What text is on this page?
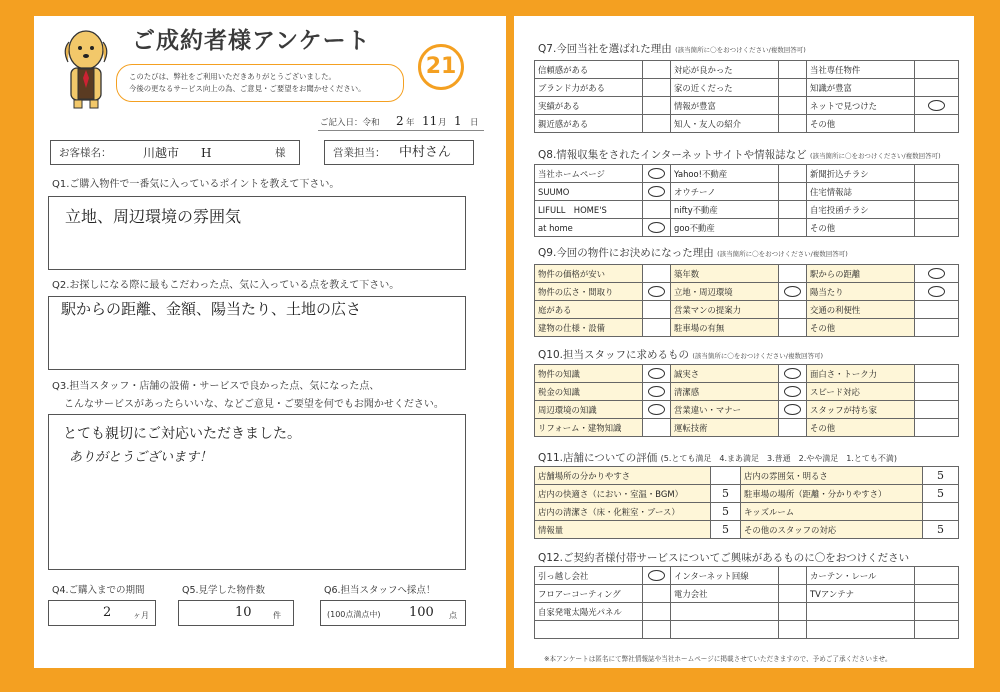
ご成約者様アンケート
このたびは、弊社をご利用いただきありがとうございました。
今後の更なるサービス向上の為、ご意見・ご要望をお聞かせください。
21
ご記入日：令和 2 年 11 月 1 日
お客様名：	川越市 H	様	営業担当： 中村さん
Q1.ご購入物件で一番気に入っているポイントを教えて下さい。
立地、周辺環境の雰囲気
Q2.お探しになる際に最もこだわった点、気に入っている点を教えて下さい。
駅からの距離、金額、陽当たり、土地の広さ
Q3.担当スタッフ・店舗の設備・サービスで良かった点、気になった点、
こんなサービスがあったらいいな、などご意見・ご要望を何でもお聞かせください。
とても親切にご対応いただきました。
ありがとうございます！
Q4.ご購入までの期間
2	ヶ月
Q5.見学した物件数
10	件
Q6.担当スタッフへ採点！
(100点満点中) 100 点
Q7.今回当社を選ばれた理由 (該当箇所に〇をおつけください/複数回答可)
信頼感がある		対応が良かった		当社専任物件	
ブランド力がある		家の近くだった		知識が豊富	
実績がある		情報が豊富		ネットで見つけた	
親近感がある		知人・友人の紹介		その他	
Q8.情報収集をされたインターネットサイトや情報誌など (該当箇所に〇をおつけください/複数回答可)
当社ホームページ		Yahoo!不動産		新聞折込チラシ	
SUUMO		オウチーノ		住宅情報誌	
LIFULL　HOME'S		nifty不動産		自宅投函チラシ	
at home		goo不動産		その他	
Q9.今回の物件にお決めになった理由 (該当箇所に〇をおつけください/複数回答可)
物件の価格が安い		築年数		駅からの距離	
物件の広さ・間取り		立地・周辺環境		陽当たり	
庭がある		営業マンの提案力		交通の利便性	
建物の仕様・設備		駐車場の有無		その他	
Q10.担当スタッフに求めるもの (該当箇所に〇をおつけください/複数回答可)
物件の知識		誠実さ		面白さ・トーク力	
税金の知識		清潔感		スピード対応	
周辺環境の知識		営業違い・マナー		スタッフが持ち家	
リフォーム・建物知識		運転技術		その他	
Q11.店舗についての評価 (5.とても満足　4.まあ満足　3.普通　2.やや満足　1.とても不満)
店舗場所の分かりやすさ		店内の雰囲気・明るさ	5
店内の快適さ（におい・室温・BGM）	5	駐車場の場所（距離・分かりやすさ）	5
店内の清潔さ（床・化粧室・ブース）	5	キッズルーム	
情報量	5	その他のスタッフの対応	5
Q12.ご契約者様付帯サービスについてご興味があるものに〇をおつけください
引っ越し会社		インターネット回線		カーテン・レール	
フロアーコーティング		電力会社		TVアンテナ	
自家発電太陽光パネル					

※本アンケートは匿名にて弊社情報誌や当社ホームページに掲載させていただきますので、予めご了承くださいませ。
